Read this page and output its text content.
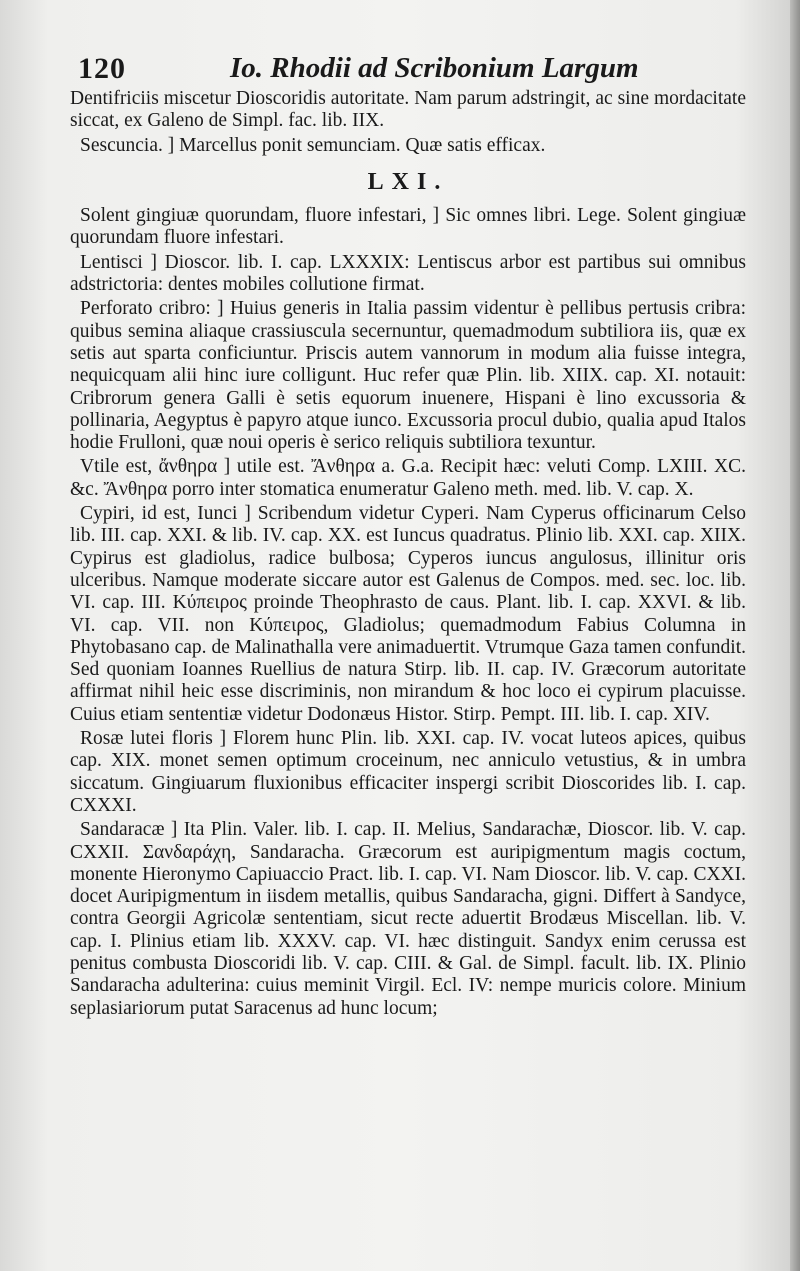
120	Io. Rhodii ad Scribonium Largum

Dentifriciis miscetur Dioscoridis autoritate. Nam parum adstringit, ac sine mordacitate siccat, ex Galeno de Simpl. fac. lib. IIX.

Sescuncia. ] Marcellus ponit semunciam. Quæ satis efficax.

LXI.

Solent gingiuæ quorundam, fluore infestari, ] Sic omnes libri. Lege. Solent gingiuæ quorundam fluore infestari.

Lentisci ] Dioscor. lib. I. cap. LXXXIX: Lentiscus arbor est partibus sui omnibus adstrictoria: dentes mobiles collutione firmat.

Perforato cribro: ] Huius generis in Italia passim videntur è pellibus pertusis cribra: quibus semina aliaque crassiuscula secernuntur, quemadmodum subtiliora iis, quæ ex setis aut sparta conficiuntur. Priscis autem vannorum in modum alia fuisse integra, nequicquam alii hinc iure colligunt. Huc refer quæ Plin. lib. XIIX. cap. XI. notauit: Cribrorum genera Galli è setis equorum inuenere, Hispani è lino excussoria & pollinaria, Aegyptus è papyro atque iunco. Excussoria procul dubio, qualia apud Italos hodie Frulloni, quæ noui operis è serico reliquis subtiliora texuntur.

Vtile est, ἄνθηρα ] utile est. Ἄνθηρα a. G.a. Recipit hæc: veluti Comp. LXIII. XC. &c. Ἄνθηρα porro inter stomatica enumeratur Galeno meth. med. lib. V. cap. X.

Cypiri, id est, Iunci ] Scribendum videtur Cyperi. Nam Cyperus officinarum Celso lib. III. cap. XXI. & lib. IV. cap. XX. est Iuncus quadratus. Plinio lib. XXI. cap. XIIX. Cypirus est gladiolus, radice bulbosa; Cyperos iuncus angulosus, illinitur oris ulceribus. Namque moderate siccare autor est Galenus de Compos. med. sec. loc. lib. VI. cap. III. Κύπειρος proinde Theophrasto de caus. Plant. lib. I. cap. XXVI. & lib. VI. cap. VII. non Κύπειρος, Gladiolus; quemadmodum Fabius Columna in Phytobasano cap. de Malinathalla vere animaduertit. Vtrumque Gaza tamen confundit. Sed quoniam Ioannes Ruellius de natura Stirp. lib. II. cap. IV. Græcorum autoritate affirmat nihil heic esse discriminis, non mirandum & hoc loco ei cypirum placuisse. Cuius etiam sententiæ videtur Dodonæus Histor. Stirp. Pempt. III. lib. I. cap. XIV.

Rosæ lutei floris ] Florem hunc Plin. lib. XXI. cap. IV. vocat luteos apices, quibus cap. XIX. monet semen optimum croceinum, nec anniculo vetustius, & in umbra siccatum. Gingiuarum fluxionibus efficaciter inspergi scribit Dioscorides lib. I. cap. CXXXI.

Sandaracæ ] Ita Plin. Valer. lib. I. cap. II. Melius, Sandarachæ, Dioscor. lib. V. cap. CXXII. Σανδαράχη, Sandaracha. Græcorum est auripigmentum magis coctum, monente Hieronymo Capiuaccio Pract. lib. I. cap. VI. Nam Dioscor. lib. V. cap. CXXI. docet Auripigmentum in iisdem metallis, quibus Sandaracha, gigni. Differt à Sandyce, contra Georgii Agricolæ sententiam, sicut recte aduertit Brodæus Miscellan. lib. V. cap. I. Plinius etiam lib. XXXV. cap. VI. hæc distinguit. Sandyx enim cerussa est penitus combusta Dioscoridi lib. V. cap. CIII. & Gal. de Simpl. facult. lib. IX. Plinio Sandaracha adulterina: cuius meminit Virgil. Ecl. IV: nempe muricis colore. Minium seplasiariorum putat Saracenus ad hunc locum;
